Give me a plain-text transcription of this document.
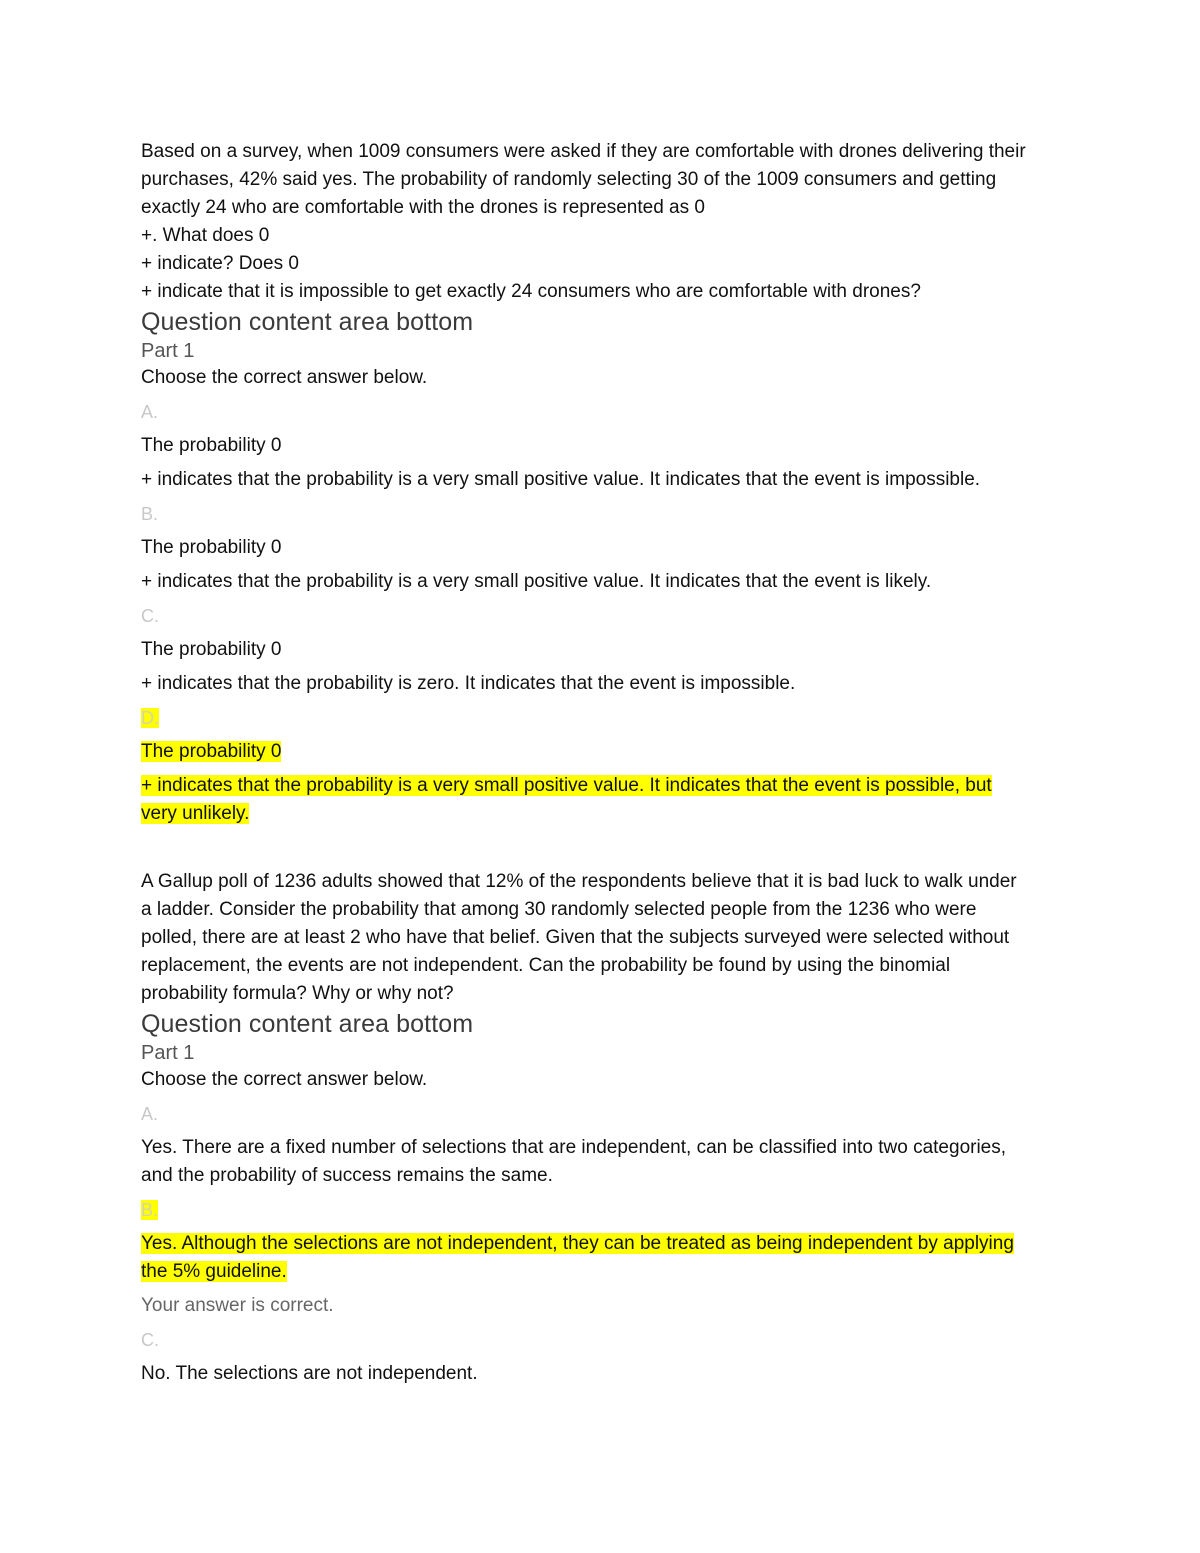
Based on a survey, when 1009 consumers were asked if they are comfortable with drones delivering their

purchases, 42% said yes. The probability of randomly selecting 30 of the 1009 consumers and getting

exactly 24 who are comfortable with the drones is represented as 0

+. What does 0

+ indicate? Does 0

+ indicate that it is impossible to get exactly 24 consumers who are comfortable with drones?

Question content area bottom

Part 1

Choose the correct answer below.

A.

The probability 0

+ indicates that the probability is a very small positive value. It indicates that the event is impossible.

B.

The probability 0

+ indicates that the probability is a very small positive value. It indicates that the event is likely.

C.

The probability 0

+ indicates that the probability is zero. It indicates that the event is impossible.

D.

The probability 0

+ indicates that the probability is a very small positive value. It indicates that the event is possible, but

very unlikely.

A Gallup poll of 1236 adults showed that 12% of the respondents believe that it is bad luck to walk under

a ladder. Consider the probability that among 30 randomly selected people from the 1236 who were

polled, there are at least 2 who have that belief. Given that the subjects surveyed were selected without

replacement, the events are not independent. Can the probability be found by using the binomial

probability formula? Why or why not?

Question content area bottom

Part 1

Choose the correct answer below.

A.

Yes. There are a fixed number of selections that are independent, can be classified into two categories,

and the probability of success remains the same.

B.

Yes. Although the selections are not independent, they can be treated as being independent by applying

the 5% guideline.

Your answer is correct.

C.

No. The selections are not independent.
